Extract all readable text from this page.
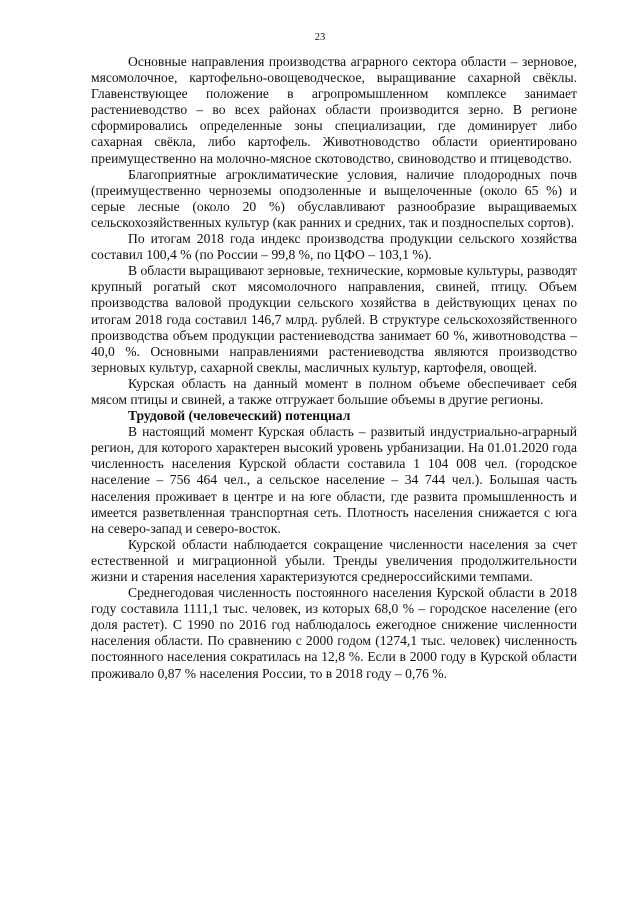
23

Основные направления производства аграрного сектора области – зерновое, мясомолочное, картофельно-овощеводческое, выращивание сахарной свёклы. Главенствующее положение в агропромышленном комплексе занимает растениеводство – во всех районах области производится зерно. В регионе сформировались определенные зоны специализации, где доминирует либо сахарная свёкла, либо картофель. Животноводство области ориентировано преимущественно на молочно-мясное скотоводство, свиноводство и птицеводство.

Благоприятные агроклиматические условия, наличие плодородных почв (преимущественно черноземы оподзоленные и выщелоченные (около 65 %) и серые лесные (около 20 %) обуславливают разнообразие выращиваемых сельскохозяйственных культур (как ранних и средних, так и поздноспелых сортов).

По итогам 2018 года индекс производства продукции сельского хозяйства составил 100,4 % (по России – 99,8 %, по ЦФО – 103,1 %).

В области выращивают зерновые, технические, кормовые культуры, разводят крупный рогатый скот мясомолочного направления, свиней, птицу. Объем производства валовой продукции сельского хозяйства в действующих ценах по итогам 2018 года составил 146,7 млрд. рублей. В структуре сельскохозяйственного производства объем продукции растениеводства занимает 60 %, животноводства – 40,0 %. Основными направлениями растениеводства являются производство зерновых культур, сахарной свеклы, масличных культур, картофеля, овощей.

Курская область на данный момент в полном объеме обеспечивает себя мясом птицы и свиней, а также отгружает большие объемы в другие регионы.

Трудовой (человеческий) потенциал

В настоящий момент Курская область – развитый индустриально-аграрный регион, для которого характерен высокий уровень урбанизации. На 01.01.2020 года численность населения Курской области составила 1 104 008 чел. (городское население – 756 464 чел., а сельское население – 34 744 чел.). Большая часть населения проживает в центре и на юге области, где развита промышленность и имеется разветвленная транспортная сеть. Плотность населения снижается с юга на северо-запад и северо-восток.

Курской области наблюдается сокращение численности населения за счет естественной и миграционной убыли. Тренды увеличения продолжительности жизни и старения населения характеризуются среднероссийскими темпами.

Среднегодовая численность постоянного населения Курской области в 2018 году составила 1111,1 тыс. человек, из которых 68,0 % – городское население (его доля растет). С 1990 по 2016 год наблюдалось ежегодное снижение численности населения области. По сравнению с 2000 годом (1274,1 тыс. человек) численность постоянного населения сократилась на 12,8 %. Если в 2000 году в Курской области проживало 0,87 % населения России, то в 2018 году – 0,76 %.
